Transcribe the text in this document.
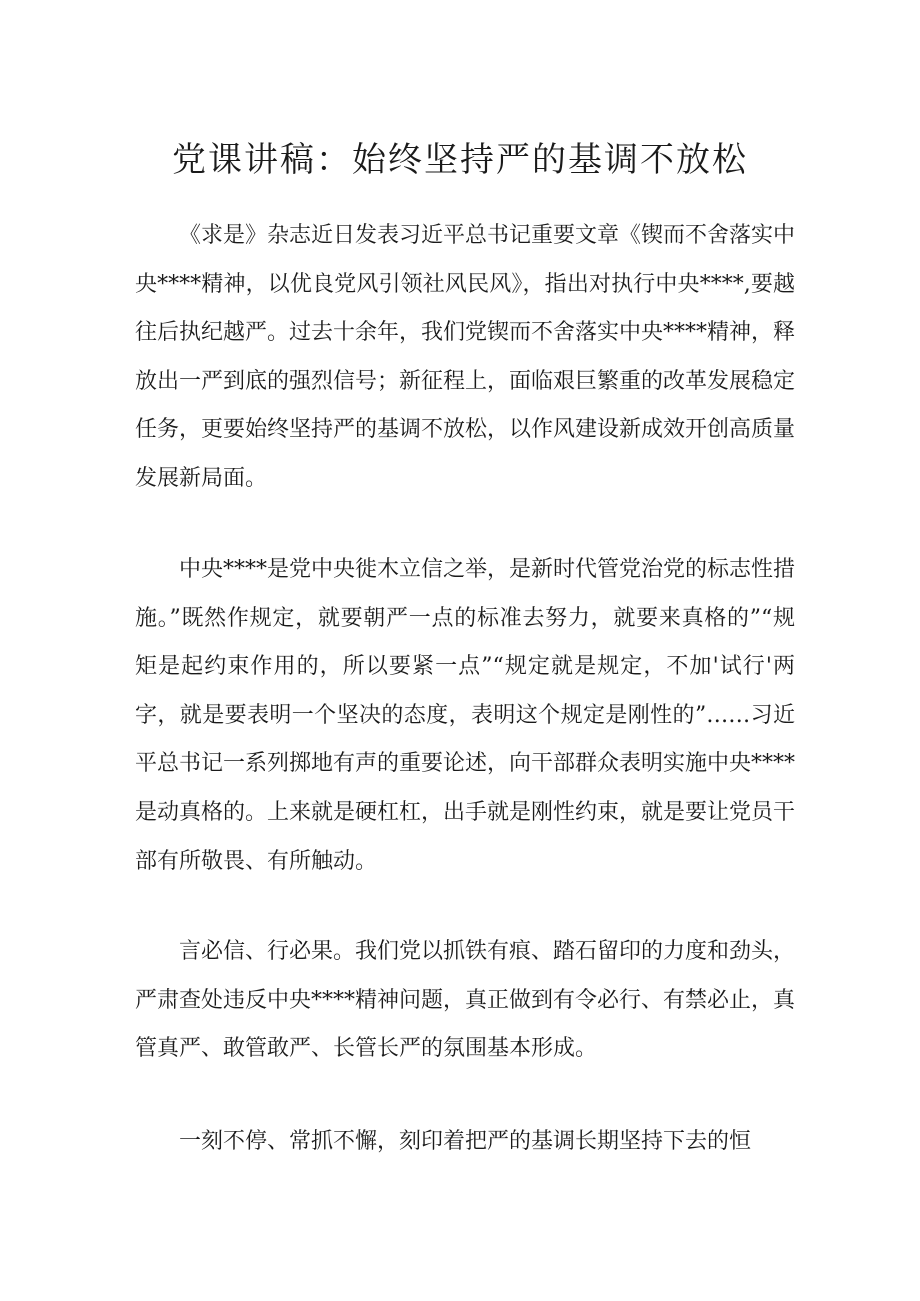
党课讲稿：始终坚持严的基调不放松

《求是》杂志近日发表习近平总书记重要文章《锲而不舍落实中央****精神，以优良党风引领社风民风》，指出对执行中央****,要越往后执纪越严。过去十余年，我们党锲而不舍落实中央****精神，释放出一严到底的强烈信号；新征程上，面临艰巨繁重的改革发展稳定任务，更要始终坚持严的基调不放松，以作风建设新成效开创高质量发展新局面。

中央****是党中央徙木立信之举，是新时代管党治党的标志性措施。”既然作规定，就要朝严一点的标准去努力，就要来真格的”“规矩是起约束作用的，所以要紧一点”“规定就是规定，不加'试行'两字，就是要表明一个坚决的态度，表明这个规定是刚性的”……习近平总书记一系列掷地有声的重要论述，向干部群众表明实施中央****是动真格的。上来就是硬杠杠，出手就是刚性约束，就是要让党员干部有所敬畏、有所触动。

言必信、行必果。我们党以抓铁有痕、踏石留印的力度和劲头，严肃查处违反中央****精神问题，真正做到有令必行、有禁必止，真管真严、敢管敢严、长管长严的氛围基本形成。

一刻不停、常抓不懈，刻印着把严的基调长期坚持下去的恒
